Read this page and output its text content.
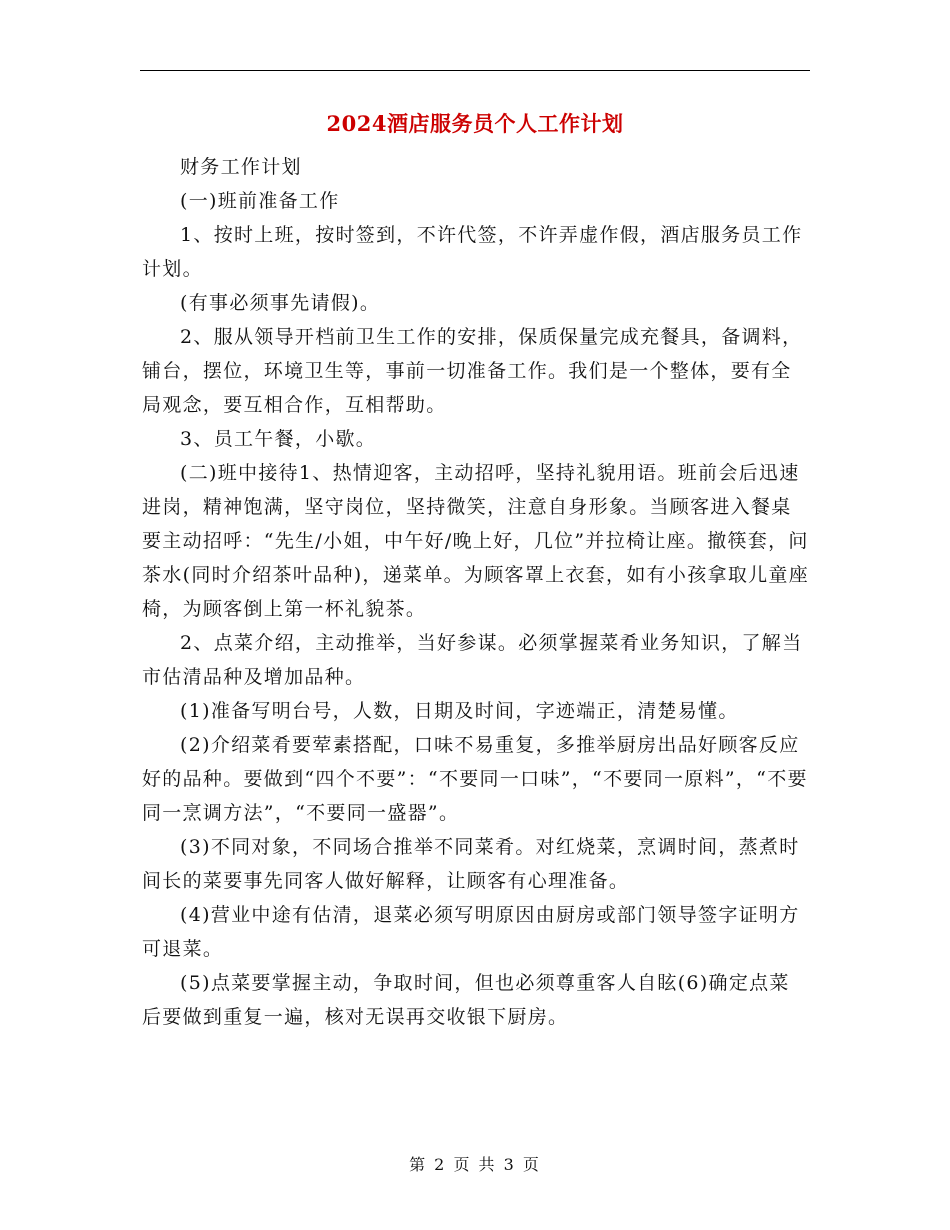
2024酒店服务员个人工作计划

财务工作计划

(一)班前准备工作

1、按时上班，按时签到，不许代签，不许弄虚作假，酒店服务员工作计划。

(有事必须事先请假)。

2、服从领导开档前卫生工作的安排，保质保量完成充餐具，备调料，铺台，摆位，环境卫生等，事前一切准备工作。我们是一个整体，要有全局观念，要互相合作，互相帮助。

3、员工午餐，小歇。

(二)班中接待1、热情迎客，主动招呼，坚持礼貌用语。班前会后迅速进岗，精神饱满，坚守岗位，坚持微笑，注意自身形象。当顾客进入餐桌要主动招呼：“先生/小姐，中午好/晚上好，几位”并拉椅让座。撤筷套，问茶水(同时介绍茶叶品种)，递菜单。为顾客罩上衣套，如有小孩拿取儿童座椅，为顾客倒上第一杯礼貌茶。

2、点菜介绍，主动推举，当好参谋。必须掌握菜肴业务知识，了解当市估清品种及增加品种。

(1)准备写明台号，人数，日期及时间，字迹端正，清楚易懂。

(2)介绍菜肴要荤素搭配，口味不易重复，多推举厨房出品好顾客反应好的品种。要做到“四个不要”：“不要同一口味”，“不要同一原料”，“不要同一烹调方法”，“不要同一盛器”。

(3)不同对象，不同场合推举不同菜肴。对红烧菜，烹调时间，蒸煮时间长的菜要事先同客人做好解释，让顾客有心理准备。

(4)营业中途有估清，退菜必须写明原因由厨房或部门领导签字证明方可退菜。

(5)点菜要掌握主动，争取时间，但也必须尊重客人自眩(6)确定点菜后要做到重复一遍，核对无误再交收银下厨房。

第 2 页 共 3 页
